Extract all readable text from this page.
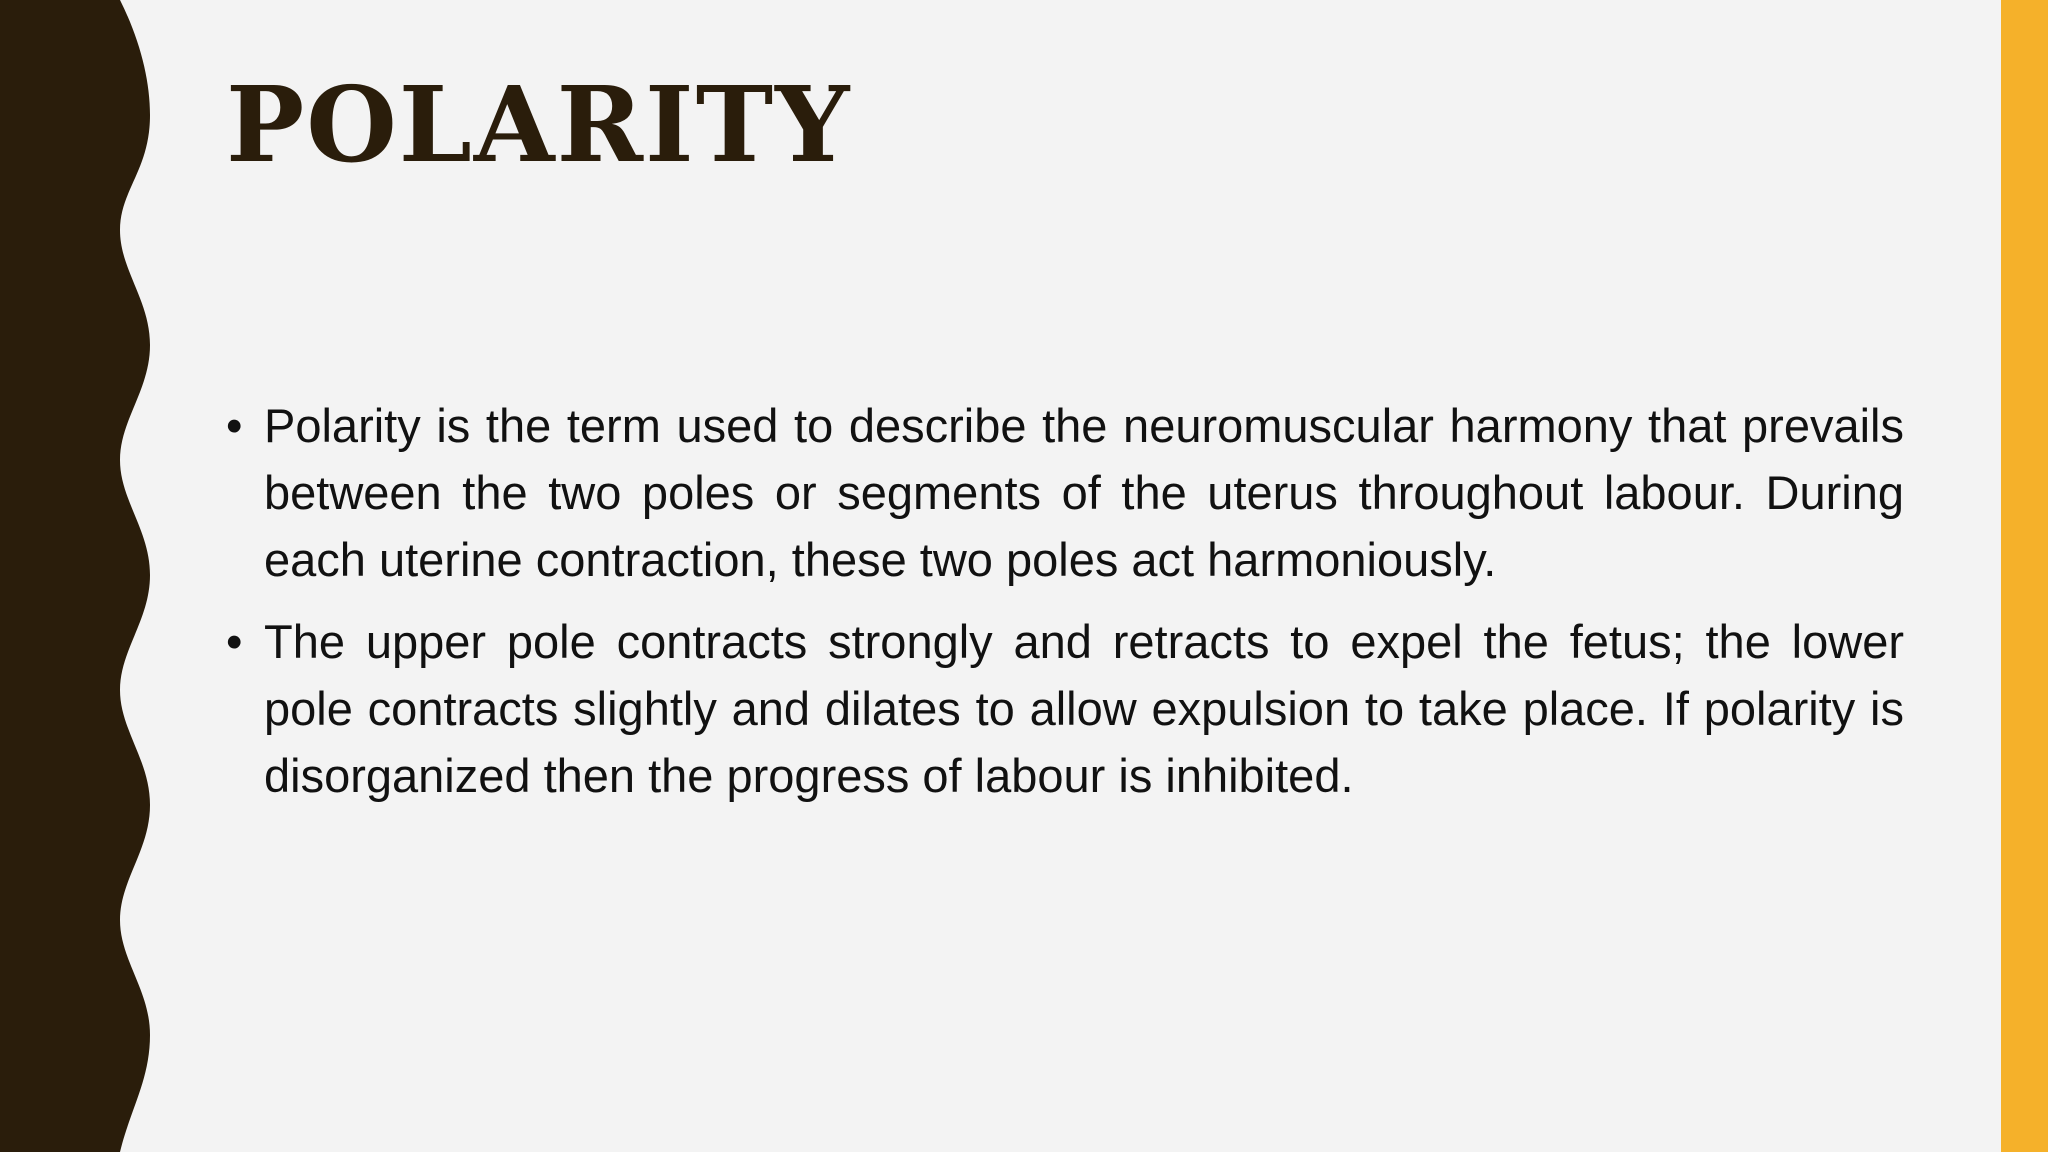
POLARITY
• Polarity is the term used to describe the neuromuscular harmony that prevails between the two poles or segments of the uterus throughout labour. During each uterine contraction, these two poles act harmoniously.
• The upper pole contracts strongly and retracts to expel the fetus; the lower pole contracts slightly and dilates to allow expulsion to take place. If polarity is disorganized then the progress of labour is inhibited.
